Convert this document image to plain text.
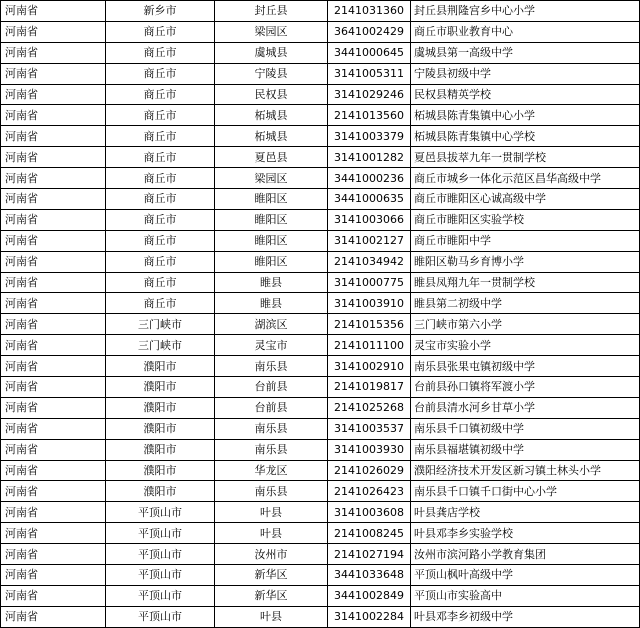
河南省	新乡市	封丘县	2141031360	封丘县荆隆宫乡中心小学
河南省	商丘市	梁园区	3641002429	商丘市职业教育中心
河南省	商丘市	虞城县	3441000645	虞城县第一高级中学
河南省	商丘市	宁陵县	3141005311	宁陵县初级中学
河南省	商丘市	民权县	3141029246	民权县精英学校
河南省	商丘市	柘城县	2141013560	柘城县陈青集镇中心小学
河南省	商丘市	柘城县	3141003379	柘城县陈青集镇中心学校
河南省	商丘市	夏邑县	3141001282	夏邑县拔萃九年一贯制学校
河南省	商丘市	梁园区	3441000236	商丘市城乡一体化示范区昌华高级中学
河南省	商丘市	睢阳区	3441000635	商丘市睢阳区心诚高级中学
河南省	商丘市	睢阳区	3141003066	商丘市睢阳区实验学校
河南省	商丘市	睢阳区	3141002127	商丘市睢阳中学
河南省	商丘市	睢阳区	2141034942	睢阳区勒马乡育博小学
河南省	商丘市	睢县	3141000775	睢县凤翔九年一贯制学校
河南省	商丘市	睢县	3141003910	睢县第二初级中学
河南省	三门峡市	湖滨区	2141015356	三门峡市第六小学
河南省	三门峡市	灵宝市	2141011100	灵宝市实验小学
河南省	濮阳市	南乐县	3141002910	南乐县张果屯镇初级中学
河南省	濮阳市	台前县	2141019817	台前县孙口镇将军渡小学
河南省	濮阳市	台前县	2141025268	台前县清水河乡甘草小学
河南省	濮阳市	南乐县	3141003537	南乐县千口镇初级中学
河南省	濮阳市	南乐县	3141003930	南乐县福堪镇初级中学
河南省	濮阳市	华龙区	2141026029	濮阳经济技术开发区新习镇土林头小学
河南省	濮阳市	南乐县	2141026423	南乐县千口镇千口街中心小学
河南省	平顶山市	叶县	3141003608	叶县龚店学校
河南省	平顶山市	叶县	2141008245	叶县邓李乡实验学校
河南省	平顶山市	汝州市	2141027194	汝州市滨河路小学教育集团
河南省	平顶山市	新华区	3441033648	平顶山枫叶高级中学
河南省	平顶山市	新华区	3441002849	平顶山市实验高中
河南省	平顶山市	叶县	3141002284	叶县邓李乡初级中学
